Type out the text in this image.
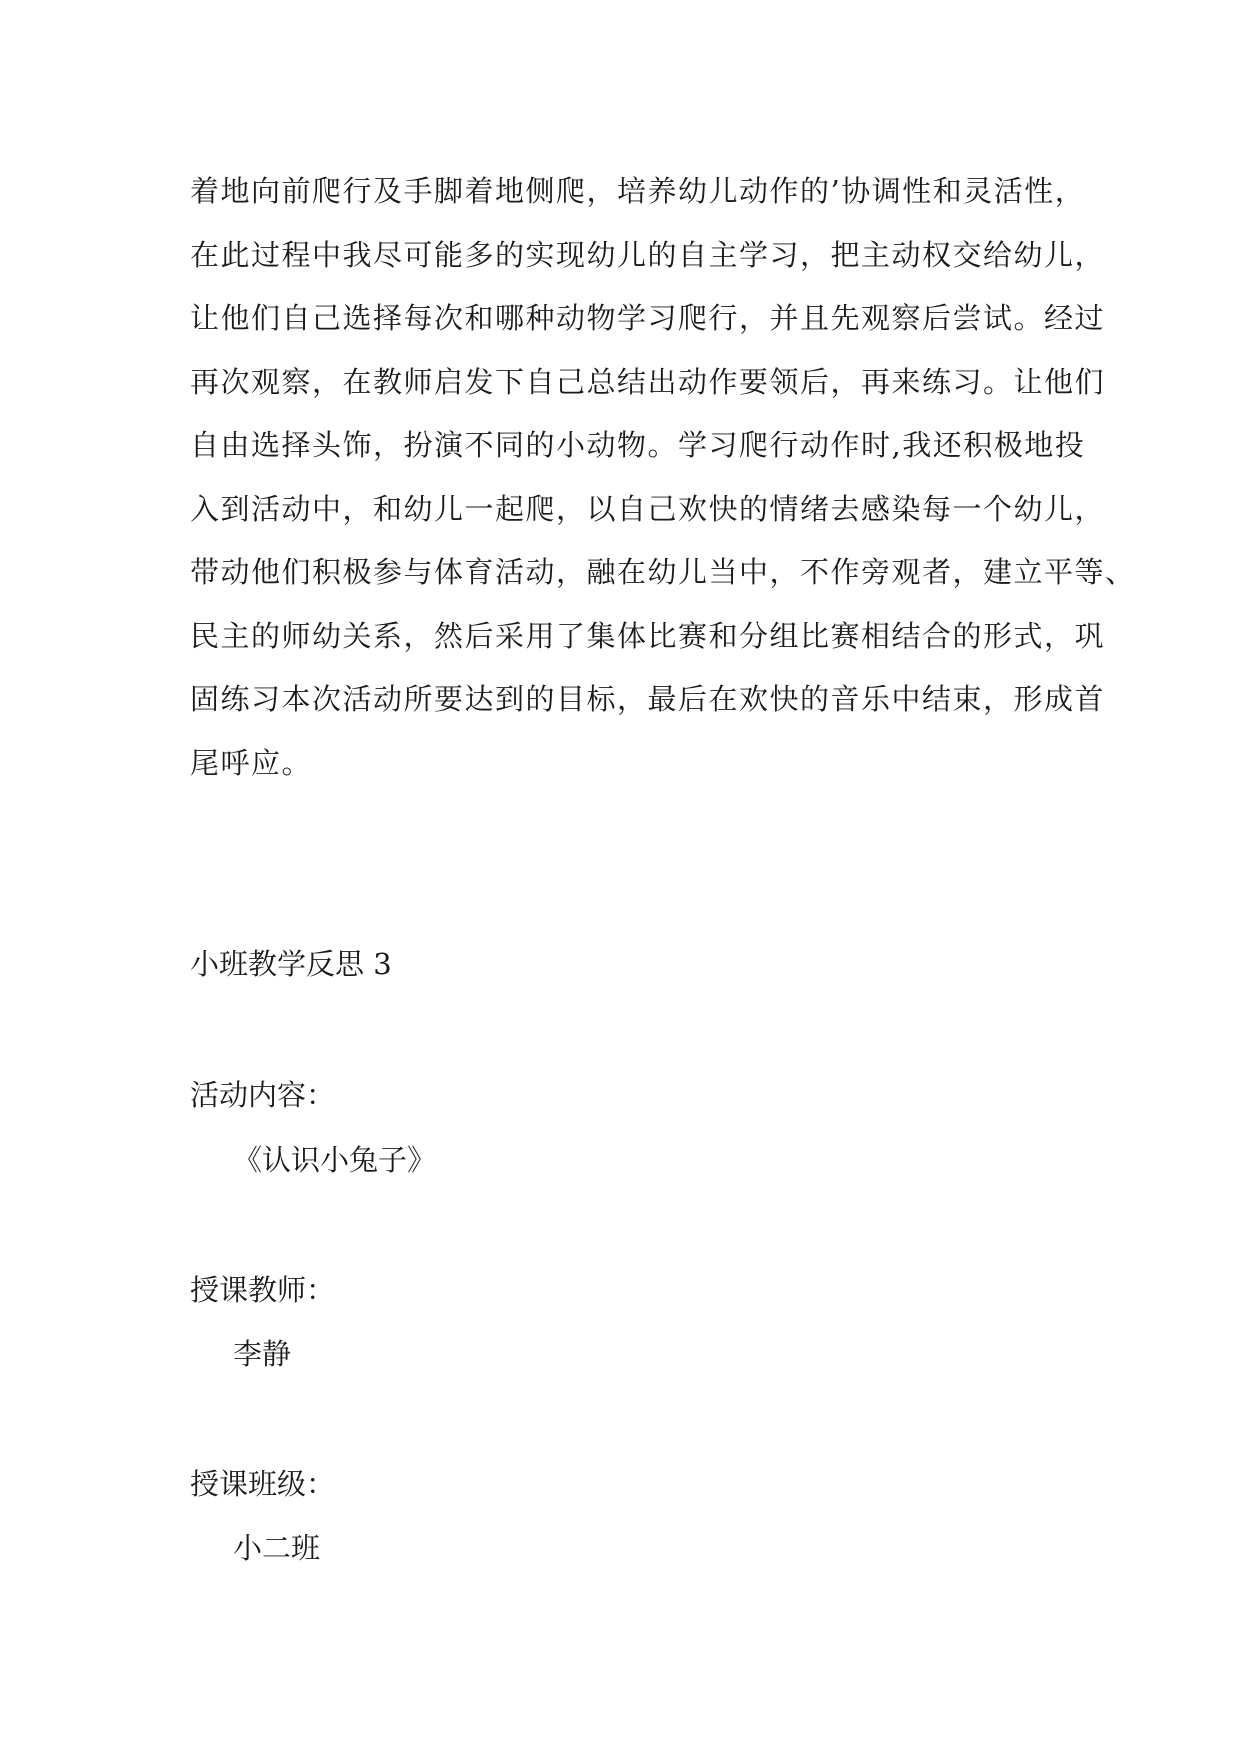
着地向前爬行及手脚着地侧爬，培养幼儿动作的’协调性和灵活性，
在此过程中我尽可能多的实现幼儿的自主学习，把主动权交给幼儿，
让他们自己选择每次和哪种动物学习爬行，并且先观察后尝试。经过
再次观察，在教师启发下自己总结出动作要领后，再来练习。让他们
自由选择头饰，扮演不同的小动物。学习爬行动作时,我还积极地投
入到活动中，和幼儿一起爬，以自己欢快的情绪去感染每一个幼儿，
带动他们积极参与体育活动，融在幼儿当中，不作旁观者，建立平等、
民主的师幼关系，然后采用了集体比赛和分组比赛相结合的形式，巩
固练习本次活动所要达到的目标，最后在欢快的音乐中结束，形成首
尾呼应。
小班教学反思 3
活动内容：
《认识小兔子》
授课教师：
李静
授课班级：
小二班
